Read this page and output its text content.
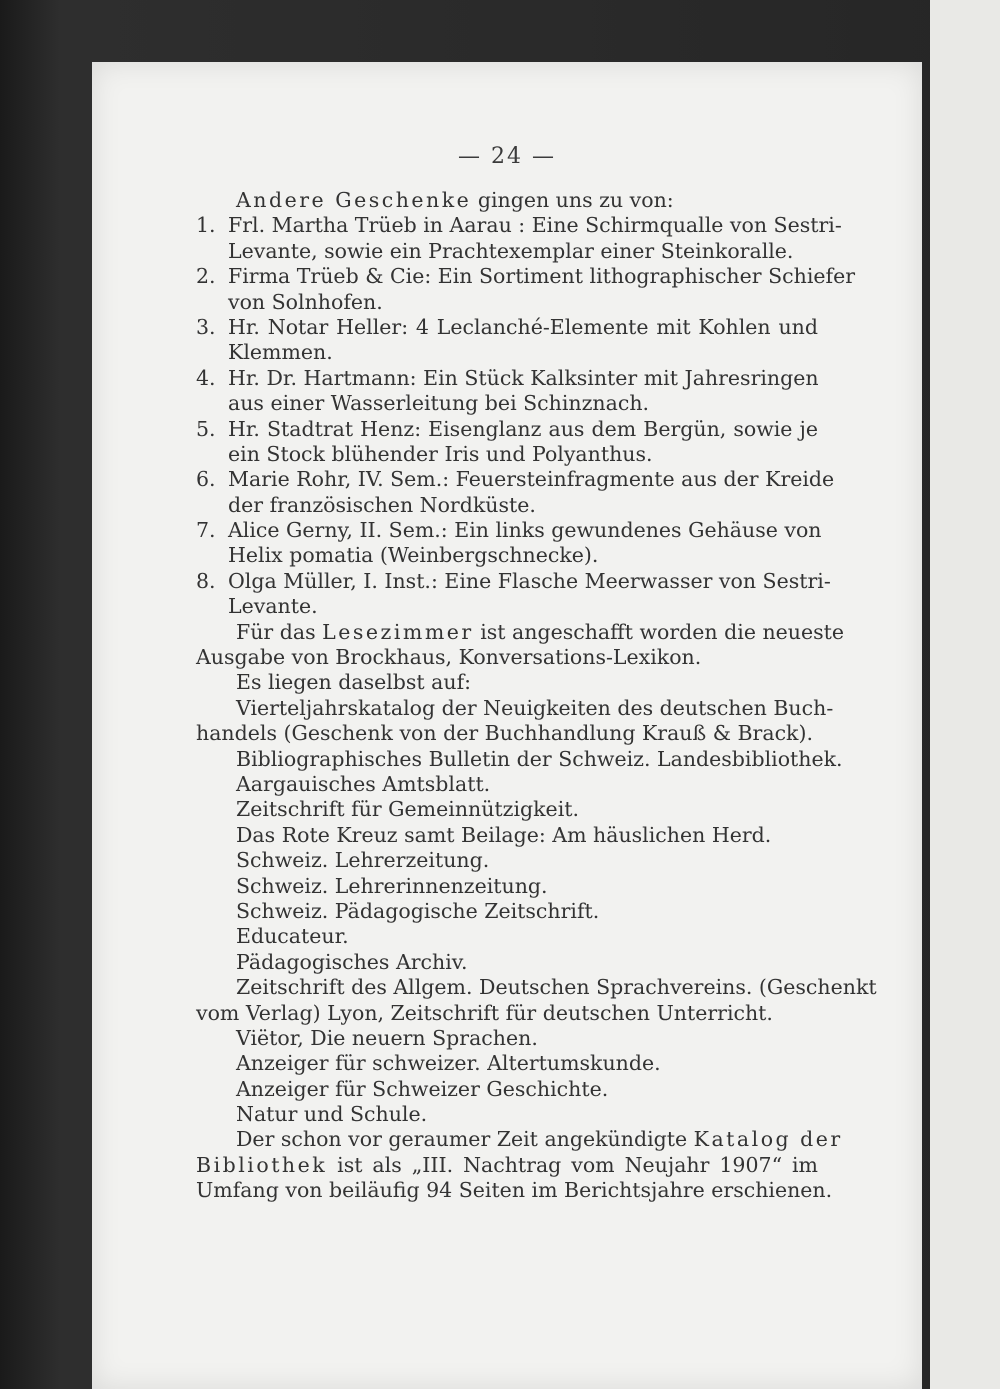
— 24 —
Andere Geschenke gingen uns zu von:
1. Frl. Martha Trüeb in Aarau : Eine Schirmqualle von Sestri-
Levante, sowie ein Prachtexemplar einer Steinkoralle.
2. Firma Trüeb & Cie: Ein Sortiment lithographischer Schiefer
von Solnhofen.
3. Hr. Notar Heller: 4 Leclanché-Elemente mit Kohlen und
Klemmen.
4. Hr. Dr. Hartmann: Ein Stück Kalksinter mit Jahresringen
aus einer Wasserleitung bei Schinznach.
5. Hr. Stadtrat Henz: Eisenglanz aus dem Bergün, sowie je
ein Stock blühender Iris und Polyanthus.
6. Marie Rohr, IV. Sem.: Feuersteinfragmente aus der Kreide
der französischen Nordküste.
7. Alice Gerny, II. Sem.: Ein links gewundenes Gehäuse von
Helix pomatia (Weinbergschnecke).
8. Olga Müller, I. Inst.: Eine Flasche Meerwasser von Sestri-
Levante.
Für das Lesezimmer ist angeschafft worden die neueste
Ausgabe von Brockhaus, Konversations-Lexikon.
Es liegen daselbst auf:
Vierteljahrskatalog der Neuigkeiten des deutschen Buch-
handels (Geschenk von der Buchhandlung Krauß & Brack).
Bibliographisches Bulletin der Schweiz. Landesbibliothek.
Aargauisches Amtsblatt.
Zeitschrift für Gemeinnützigkeit.
Das Rote Kreuz samt Beilage: Am häuslichen Herd.
Schweiz. Lehrerzeitung.
Schweiz. Lehrerinnenzeitung.
Schweiz. Pädagogische Zeitschrift.
Educateur.
Pädagogisches Archiv.
Zeitschrift des Allgem. Deutschen Sprachvereins. (Geschenkt
vom Verlag) Lyon, Zeitschrift für deutschen Unterricht.
Viëtor, Die neuern Sprachen.
Anzeiger für schweizer. Altertumskunde.
Anzeiger für Schweizer Geschichte.
Natur und Schule.
Der schon vor geraumer Zeit angekündigte Katalog der
Bibliothek ist als „III. Nachtrag vom Neujahr 1907“ im
Umfang von beiläufig 94 Seiten im Berichtsjahre erschienen.
